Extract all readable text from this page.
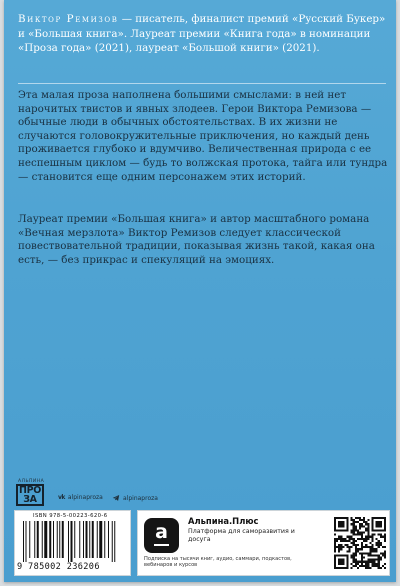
Виктор Ремизов — писатель, финалист премий «Русский Букер» и «Большая книга». Лауреат премии «Книга года» в номинации «Проза года» (2021), лауреат «Большой книги» (2021).

Эта малая проза наполнена большими смыслами: в ней нет нарочитых твистов и явных злодеев. Герои Виктора Ремизова — обычные люди в обычных обстоятельствах. В их жизни не случаются головокружительные приключения, но каждый день проживается глубоко и вдумчиво. Величественная природа с ее неспешным циклом — будь то волжская протока, тайга или тундра — становится еще одним персонажем этих историй.

Лауреат премии «Большая книга» и автор масштабного романа «Вечная мерзлота» Виктор Ремизов следует классической повествовательной традиции, показывая жизнь такой, какая она есть, — без прикрас и спекуляций на эмоциях.

АЛЬПИНА
ПРО
ЗА	vk alpinaproza	alpinaproza
ISBN 978-5-00223-620-6
9 785002 236206
а	Альпина.Плюс
Платформа для саморазвития и досуга
Подписка на тысячи книг, аудио, саммари, подкастов, вебинаров и курсов
